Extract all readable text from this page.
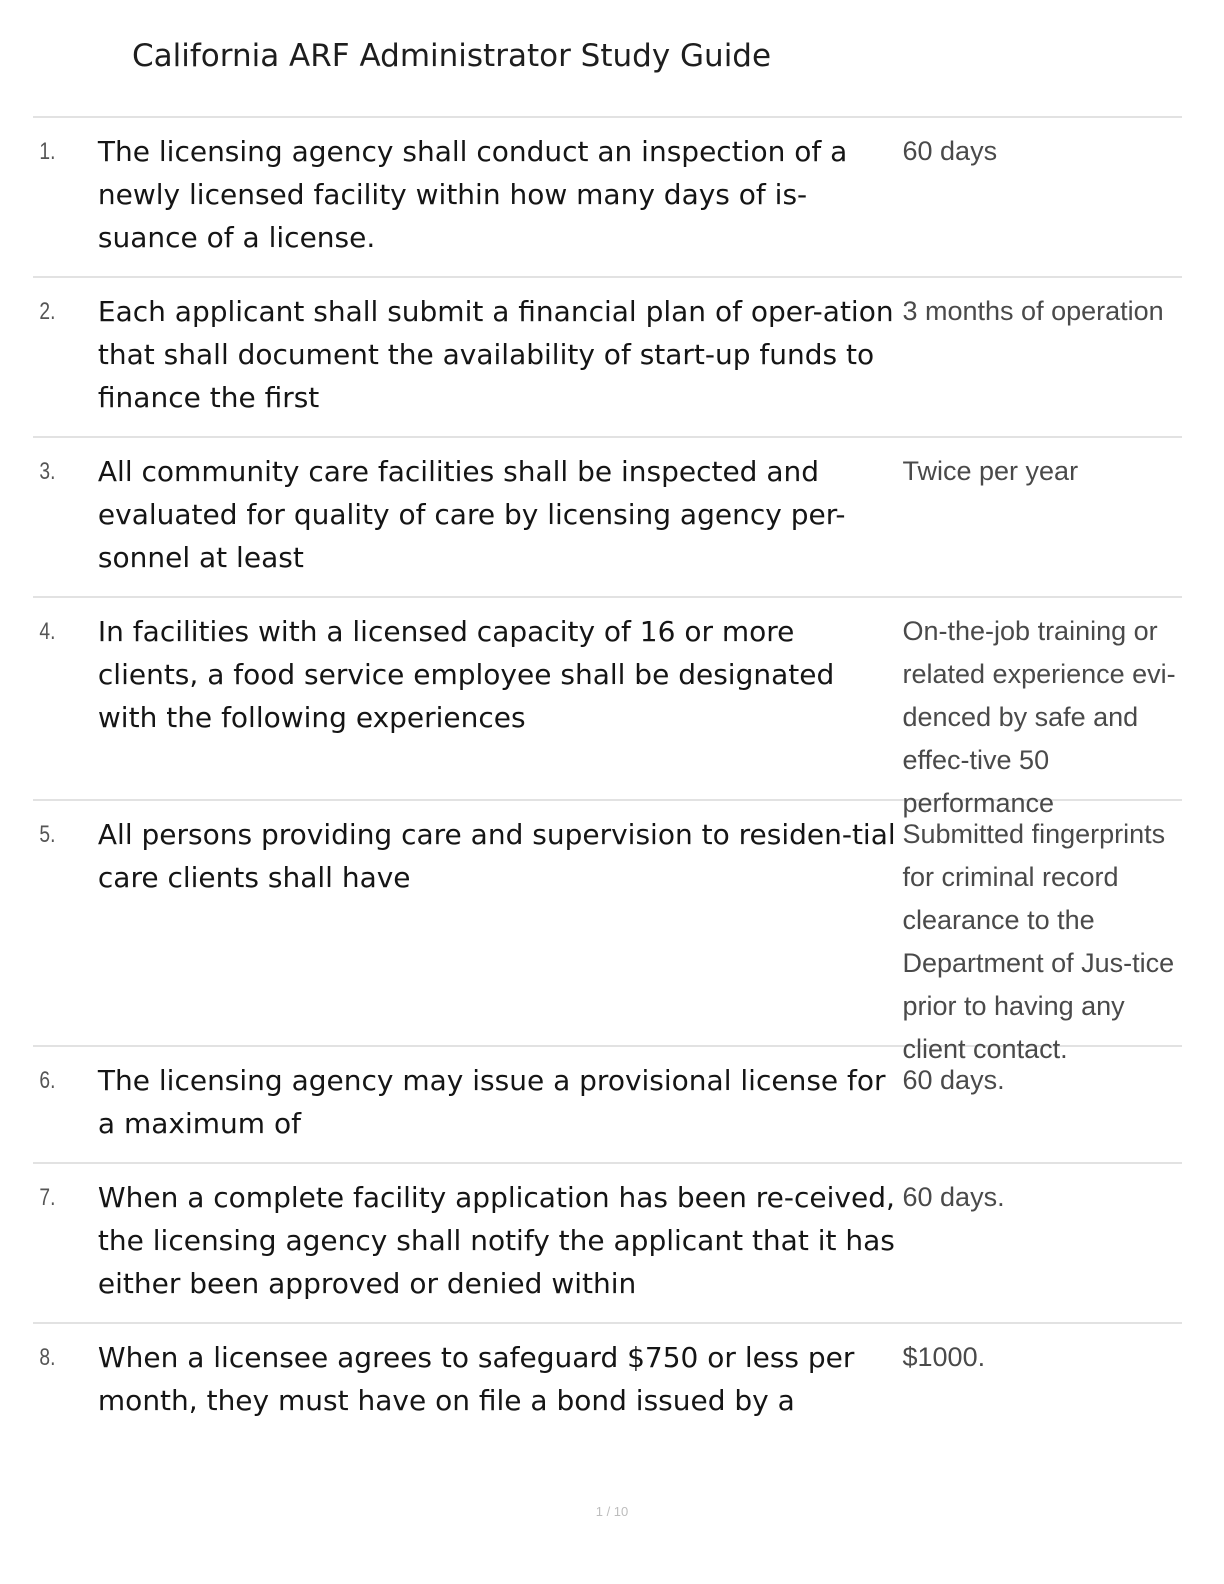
California ARF Administrator Study Guide
1.	The licensing agency shall conduct an inspection of a newly licensed facility within how many days of is-suance of a license.
60 days
2.	Each applicant shall submit a financial plan of oper-ation that shall document the availability of start-up funds to finance the first
3 months of operation
3.	All community care facilities shall be inspected and evaluated for quality of care by licensing agency per-sonnel at least
Twice per year
4.	In facilities with a licensed capacity of 16 or more clients, a food service employee shall be designated with the following experiences
On-the-job training or related experience evi-denced by safe and effec-tive 50 performance
5.	All persons providing care and supervision to residen-tial care clients shall have
Submitted fingerprints for criminal record clearance to the Department of Jus-tice prior to having any client contact.
6.	The licensing agency may issue a provisional license for a maximum of
60 days.
7.	When a complete facility application has been re-ceived, the licensing agency shall notify the applicant that it has either been approved or denied within
60 days.
8.	When a licensee agrees to safeguard $750 or less per month, they must have on file a bond issued by a
$1000.
1 / 10
